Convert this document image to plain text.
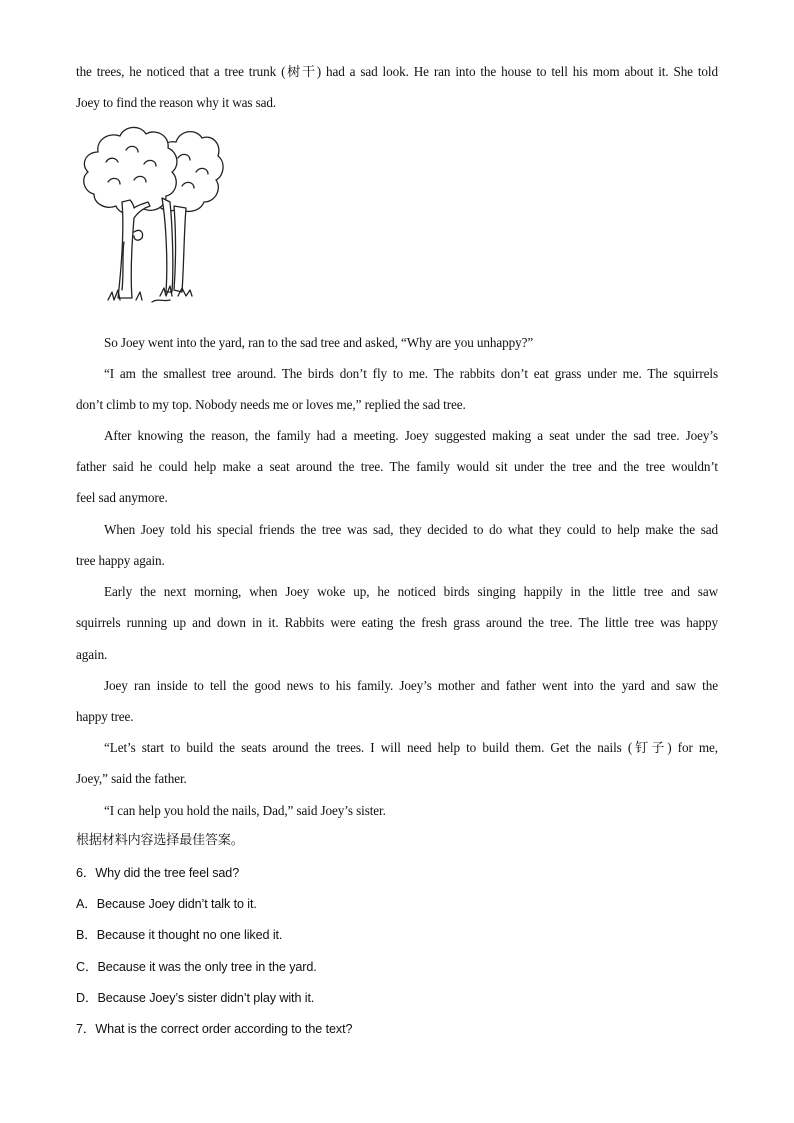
the trees, he noticed that a tree trunk (树干) had a sad look. He ran into the house to tell his mom about it. She told
Joey to find the reason why it was sad.
So Joey went into the yard, ran to the sad tree and asked, “Why are you unhappy?”
“I am the smallest tree around. The birds don’t fly to me. The rabbits don’t eat grass under me. The squirrels
don’t climb to my top. Nobody needs me or loves me,” replied the sad tree.
After knowing the reason, the family had a meeting. Joey suggested making a seat under the sad tree. Joey’s
father said he could help make a seat around the tree. The family would sit under the tree and the tree wouldn’t
feel sad anymore.
When Joey told his special friends the tree was sad, they decided to do what they could to help make the sad
tree happy again.
Early the next morning, when Joey woke up, he noticed birds singing happily in the little tree and saw
squirrels running up and down in it. Rabbits were eating the fresh grass around the tree. The little tree was happy
again.
Joey ran inside to tell the good news to his family. Joey’s mother and father went into the yard and saw the
happy tree.
“Let’s start to build the seats around the trees. I will need help to build them. Get the nails (钉子) for me,
Joey,” said the father.
“I can help you hold the nails, Dad,” said Joey’s sister.
根据材料内容选择最佳答案。
6．Why did the tree feel sad?
A．Because Joey didn’t talk to it.
B．Because it thought no one liked it.
C．Because it was the only tree in the yard.
D．Because Joey’s sister didn’t play with it.
7．What is the correct order according to the text?
